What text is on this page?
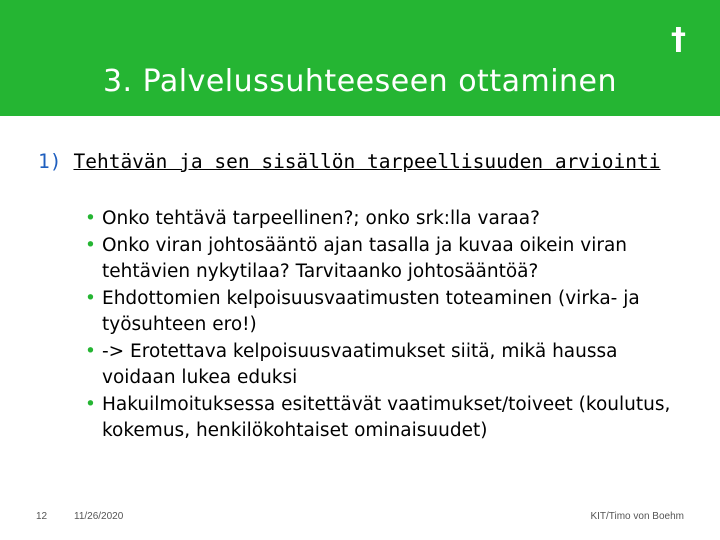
†
3. Palvelussuhteeseen ottaminen
1) Tehtävän ja sen sisällön tarpeellisuuden arviointi
• Onko tehtävä tarpeellinen?; onko srk:lla varaa?
• Onko viran johtosääntö ajan tasalla ja kuvaa oikein viran tehtävien nykytilaa? Tarvitaanko johtosääntöä?
• Ehdottomien kelpoisuusvaatimusten toteaminen (virka- ja työsuhteen ero!)
• -> Erotettava kelpoisuusvaatimukset siitä, mikä haussa voidaan lukea eduksi
• Hakuilmoituksessa esitettävät vaatimukset/toiveet (koulutus, kokemus, henkilökohtaiset ominaisuudet)
12	11/26/2020	KIT/Timo von Boehm
